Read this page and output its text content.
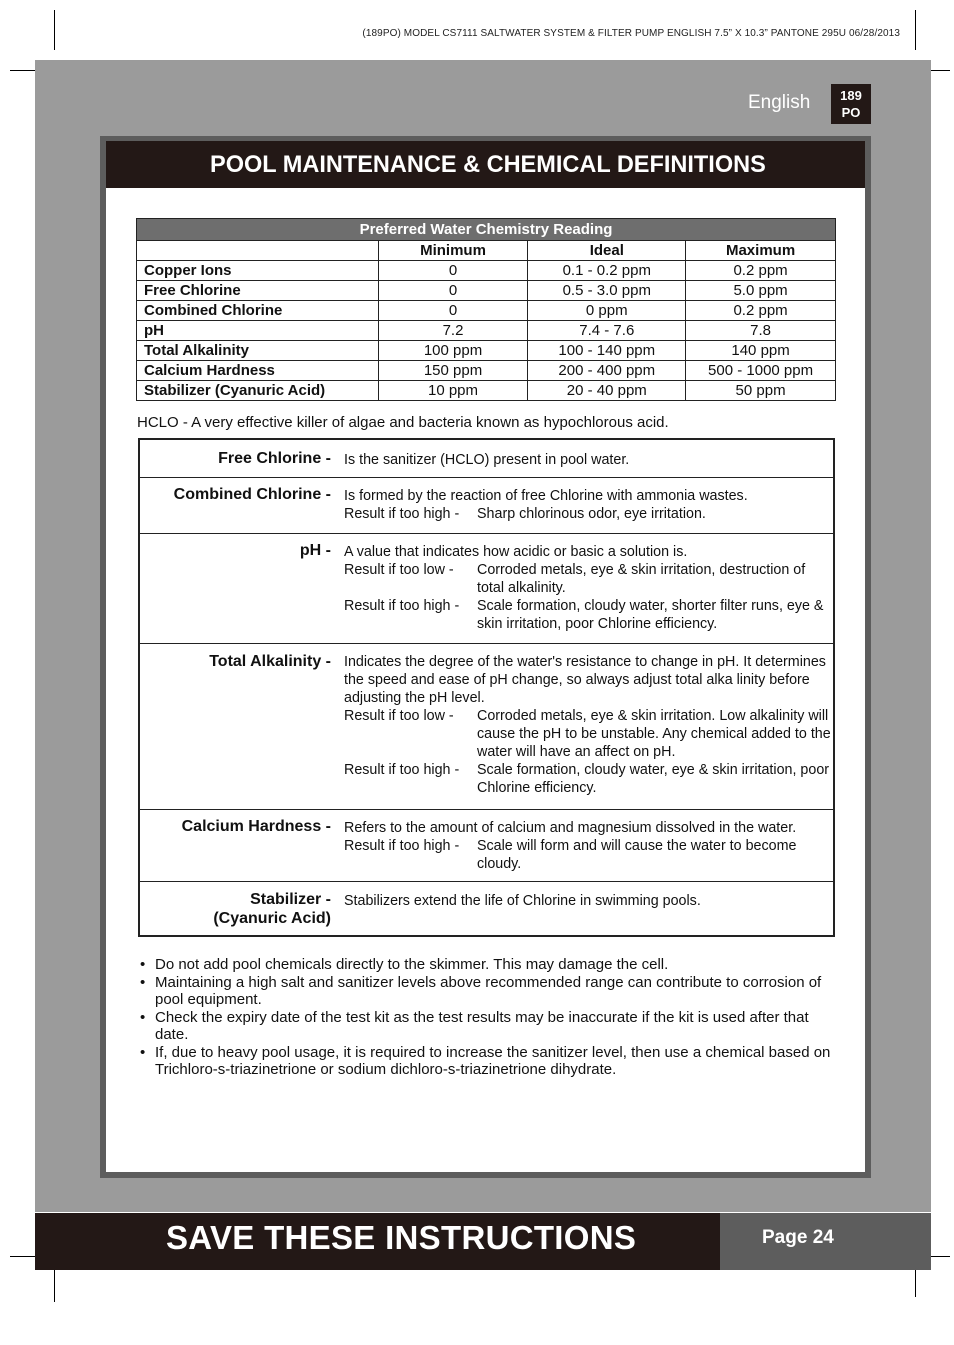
(189PO) MODEL CS7111 SALTWATER SYSTEM & FILTER PUMP ENGLISH 7.5” X 10.3” PANTONE 295U 06/28/2013
English	189
PO
POOL MAINTENANCE & CHEMICAL DEFINITIONS
Preferred Water Chemistry Reading			
	Minimum	Ideal	Maximum
Copper Ions	0	0.1 - 0.2 ppm	0.2 ppm
Free Chlorine	0	0.5 - 3.0 ppm	5.0 ppm
Combined Chlorine	0	0 ppm	0.2 ppm
pH	7.2	7.4 - 7.6	7.8
Total Alkalinity	100 ppm	100 - 140 ppm	140 ppm
Calcium Hardness	150 ppm	200 - 400 ppm	500 - 1000 ppm
Stabilizer (Cyanuric Acid)	10 ppm	20 - 40 ppm	50 ppm
HCLO - A very effective killer of algae and bacteria known as hypochlorous acid.
Free Chlorine - Is the sanitizer (HCLO) present in pool water.
Combined Chlorine - Is formed by the reaction of free Chlorine with ammonia wastes.
Result if too high - Sharp chlorinous odor, eye irritation.
pH - A value that indicates how acidic or basic a solution is.
Result if too low - Corroded metals, eye & skin irritation, destruction of total alkalinity.
Result if too high - Scale formation, cloudy water, shorter filter runs, eye & skin irritation, poor Chlorine efficiency.
Total Alkalinity - Indicates the degree of the water's resistance to change in pH. It determines the speed and ease of pH change, so always adjust total alka linity before adjusting the pH level.
Result if too low - Corroded metals, eye & skin irritation. Low alkalinity will cause the pH to be unstable. Any chemical added to the water will have an affect on pH.
Result if too high - Scale formation, cloudy water, eye & skin irritation, poor Chlorine efficiency.
Calcium Hardness - Refers to the amount of calcium and magnesium dissolved in the water.
Result if too high - Scale will form and will cause the water to become cloudy.
Stabilizer -
(Cyanuric Acid)
Stabilizers extend the life of Chlorine in swimming pools.
• Do not add pool chemicals directly to the skimmer. This may damage the cell.
• Maintaining a high salt and sanitizer levels above recommended range can contribute to corrosion of pool equipment.
• Check the expiry date of the test kit as the test results may be inaccurate if the kit is used after that date.
• If, due to heavy pool usage, it is required to increase the sanitizer level, then use a chemical based on Trichloro-s-triazinetrione or sodium dichloro-s-triazinetrione dihydrate.
SAVE THESE INSTRUCTIONS	Page 24
